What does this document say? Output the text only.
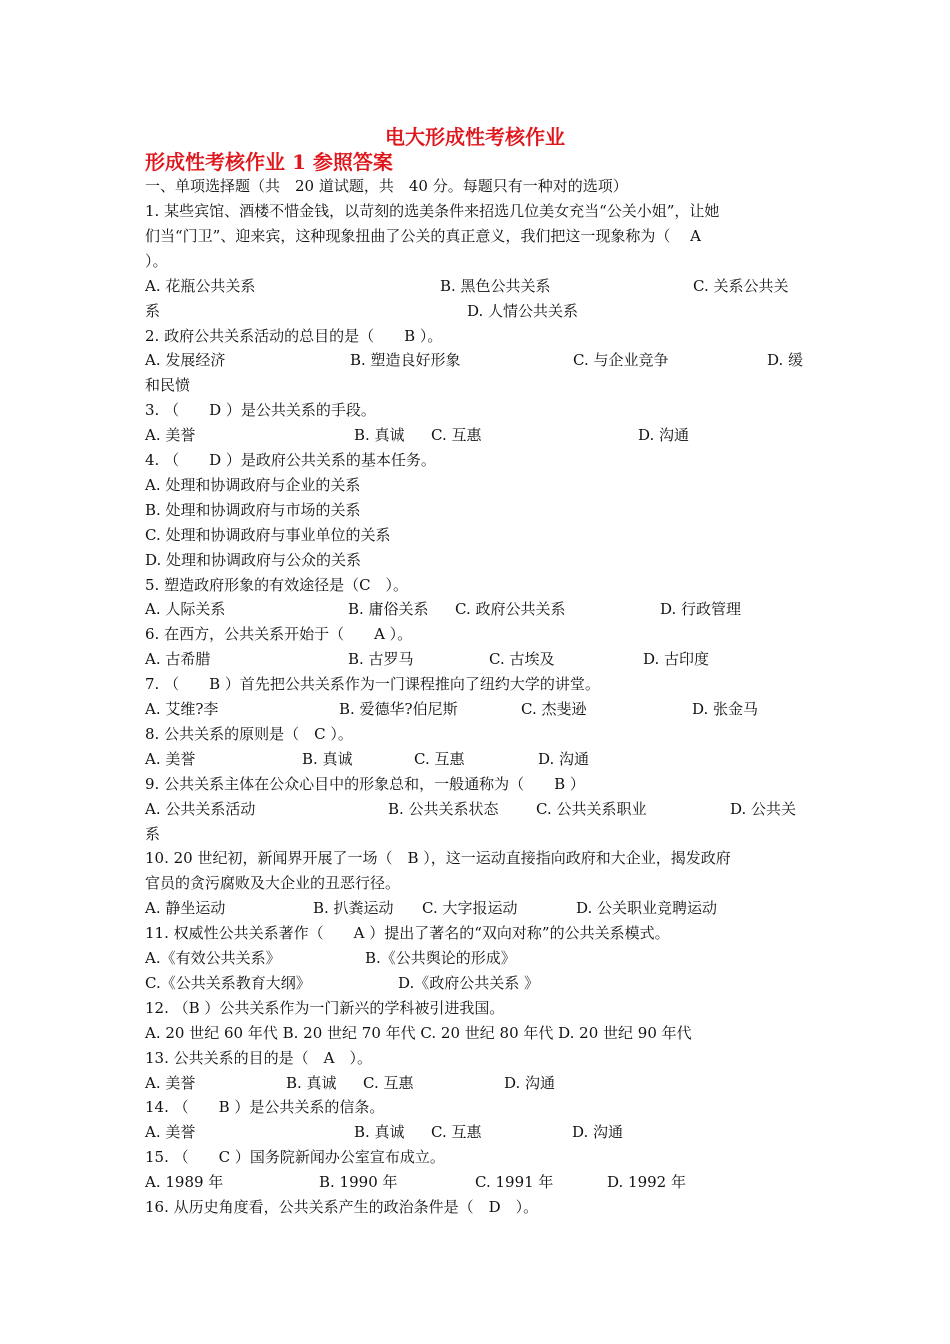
电大形成性考核作业
形成性考核作业 1 参照答案
一、单项选择题（共　20 道试题，共　40 分。每题只有一种对的选项）
1. 某些宾馆、酒楼不惜金钱，以苛刻的选美条件来招选几位美女充当“公关小姐”，让她
们当“门卫”、迎来宾，这种现象扭曲了公关的真正意义，我们把这一现象称为（　 A
）。
A. 花瓶公共关系	B. 黑色公共关系	C. 关系公共关
系	D. 人情公共关系
2. 政府公共关系活动的总目的是（　　B ）。
A. 发展经济	B. 塑造良好形象	C. 与企业竞争	D. 缓
和民愤
3. （　　D ）是公共关系的手段。
A. 美誉	B. 真诚 C. 互惠	D. 沟通
4. （　　D ）是政府公共关系的基本任务。
A. 处理和协调政府与企业的关系
B. 处理和协调政府与市场的关系
C. 处理和协调政府与事业单位的关系
D. 处理和协调政府与公众的关系
5. 塑造政府形象的有效途径是（C　）。
A. 人际关系	B. 庸俗关系 C. 政府公共关系	D. 行政管理
6. 在西方，公共关系开始于（　　A ）。
A. 古希腊	B. 古罗马	C. 古埃及	D. 古印度
7. （　　B ）首先把公共关系作为一门课程推向了纽约大学的讲堂。
A. 艾维?李	B. 爱德华?伯尼斯	C. 杰斐逊	D. 张金马
8. 公共关系的原则是（　C ）。
A. 美誉	B. 真诚	C. 互惠	D. 沟通
9. 公共关系主体在公众心目中的形象总和，一般通称为（　　B ）
A. 公共关系活动	B. 公共关系状态 C. 公共关系职业	D. 公共关
系
10. 20 世纪初，新闻界开展了一场（　B ），这一运动直接指向政府和大企业，揭发政府
官员的贪污腐败及大企业的丑恶行径。
A. 静坐运动	B. 扒粪运动 C. 大字报运动	D. 公关职业竞聘运动
11. 权威性公共关系著作（　　A ）提出了著名的“双向对称”的公共关系模式。
A.《有效公共关系》	B.《公共舆论的形成》
C.《公共关系教育大纲》	D.《政府公共关系 》
12. （B ）公共关系作为一门新兴的学科被引进我国。
A. 20 世纪 60 年代 B. 20 世纪 70 年代 C. 20 世纪 80 年代 D. 20 世纪 90 年代
13. 公共关系的目的是（　A　）。
A. 美誉	B. 真诚 C. 互惠	D. 沟通
14. （　　B ）是公共关系的信条。
A. 美誉	B. 真诚 C. 互惠	D. 沟通
15. （　　C ）国务院新闻办公室宣布成立。
A. 1989 年	B. 1990 年	C. 1991 年	D. 1992 年
16. 从历史角度看，公共关系产生的政治条件是（　D　）。
